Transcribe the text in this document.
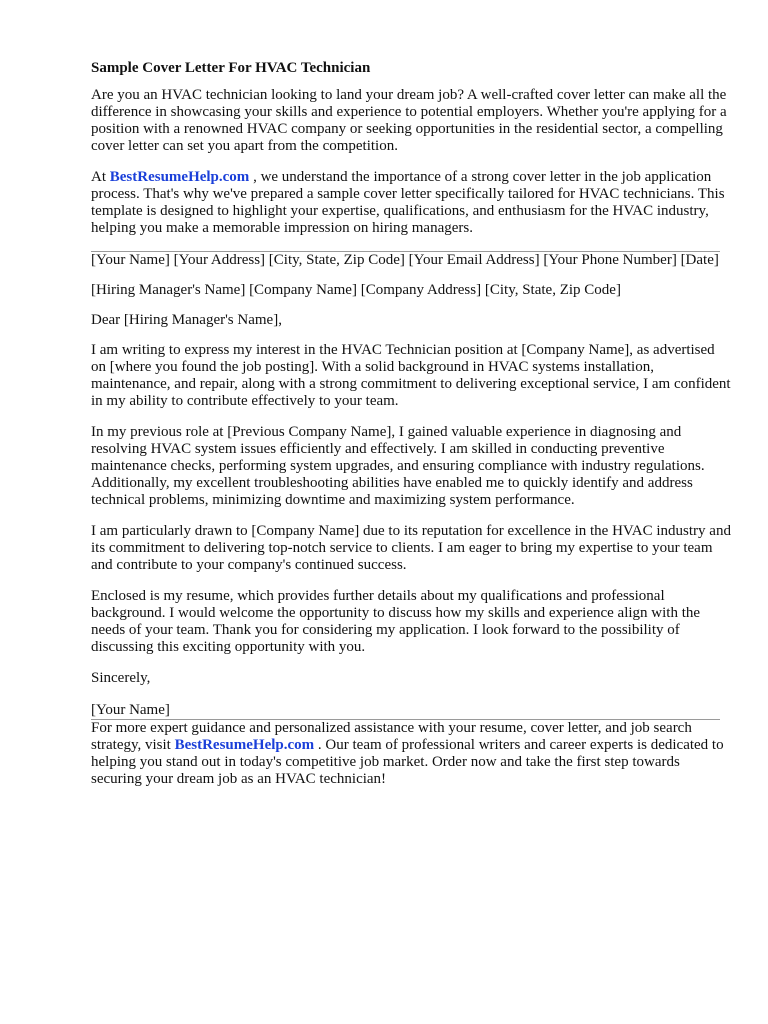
Sample Cover Letter For HVAC Technician

Are you an HVAC technician looking to land your dream job? A well-crafted cover letter can make all the difference in showcasing your skills and experience to potential employers. Whether you're applying for a position with a renowned HVAC company or seeking opportunities in the residential sector, a compelling cover letter can set you apart from the competition.

At BestResumeHelp.com , we understand the importance of a strong cover letter in the job application process. That's why we've prepared a sample cover letter specifically tailored for HVAC technicians. This template is designed to highlight your expertise, qualifications, and enthusiasm for the HVAC industry, helping you make a memorable impression on hiring managers.

[Your Name] [Your Address] [City, State, Zip Code] [Your Email Address] [Your Phone Number] [Date]

[Hiring Manager's Name] [Company Name] [Company Address] [City, State, Zip Code]

Dear [Hiring Manager's Name],

I am writing to express my interest in the HVAC Technician position at [Company Name], as advertised on [where you found the job posting]. With a solid background in HVAC systems installation, maintenance, and repair, along with a strong commitment to delivering exceptional service, I am confident in my ability to contribute effectively to your team.

In my previous role at [Previous Company Name], I gained valuable experience in diagnosing and resolving HVAC system issues efficiently and effectively. I am skilled in conducting preventive maintenance checks, performing system upgrades, and ensuring compliance with industry regulations. Additionally, my excellent troubleshooting abilities have enabled me to quickly identify and address technical problems, minimizing downtime and maximizing system performance.

I am particularly drawn to [Company Name] due to its reputation for excellence in the HVAC industry and its commitment to delivering top-notch service to clients. I am eager to bring my expertise to your team and contribute to your company's continued success.

Enclosed is my resume, which provides further details about my qualifications and professional background. I would welcome the opportunity to discuss how my skills and experience align with the needs of your team. Thank you for considering my application. I look forward to the possibility of discussing this exciting opportunity with you.

Sincerely,

[Your Name]

For more expert guidance and personalized assistance with your resume, cover letter, and job search strategy, visit BestResumeHelp.com . Our team of professional writers and career experts is dedicated to helping you stand out in today's competitive job market. Order now and take the first step towards securing your dream job as an HVAC technician!
